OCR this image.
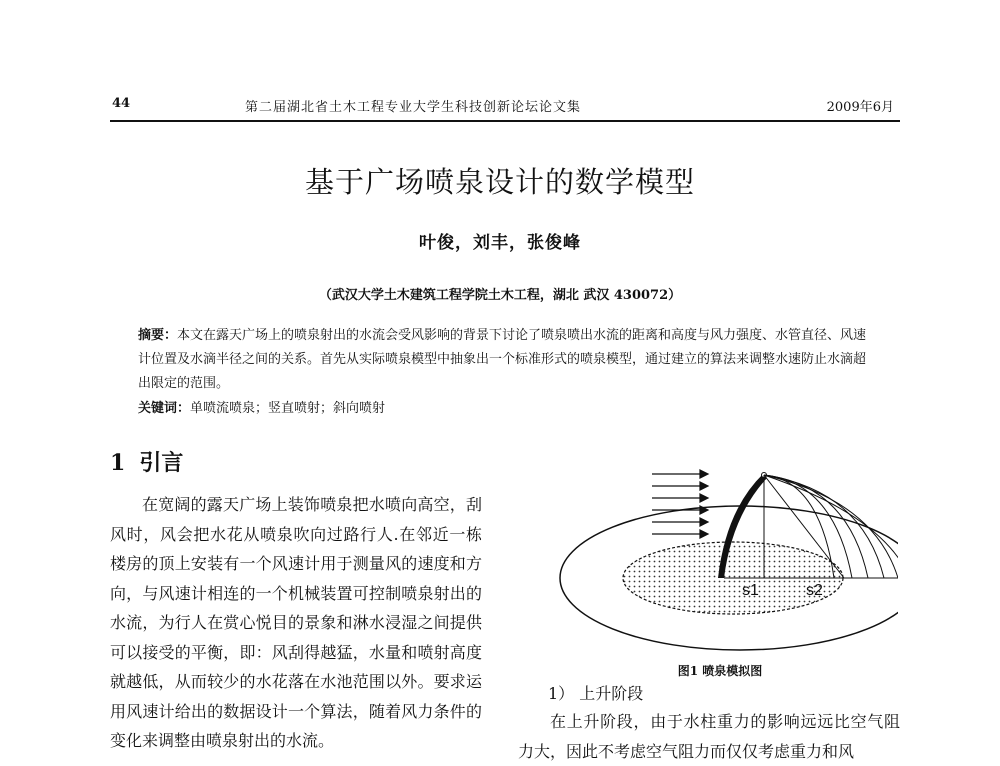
44	第二届湖北省土木工程专业大学生科技创新论坛论文集	2009年6月
基于广场喷泉设计的数学模型
叶俊，刘丰，张俊峰
（武汉大学土木建筑工程学院土木工程，湖北 武汉 430072）
摘要：本文在露天广场上的喷泉射出的水流会受风影响的背景下讨论了喷泉喷出水流的距离和高度与风力强度、水管直径、风速计位置及水滴半径之间的关系。首先从实际喷泉模型中抽象出一个标准形式的喷泉模型，通过建立的算法来调整水速防止水滴超出限定的范围。
关键词：单喷流喷泉；竖直喷射；斜向喷射
1 引言
在宽阔的露天广场上装饰喷泉把水喷向高空，刮风时，风会把水花从喷泉吹向过路行人.在邻近一栋楼房的顶上安装有一个风速计用于测量风的速度和方向，与风速计相连的一个机械装置可控制喷泉射出的水流，为行人在赏心悦目的景象和淋水浸湿之间提供可以接受的平衡，即：风刮得越猛，水量和喷射高度就越低，从而较少的水花落在水池范围以外。要求运用风速计给出的数据设计一个算法，随着风力条件的变化来调整由喷泉射出的水流。
s1	s2
图1 喷泉模拟图
1） 上升阶段
在上升阶段，由于水柱重力的影响远远比空气阻力大，因此不考虑空气阻力而仅仅考虑重力和风
